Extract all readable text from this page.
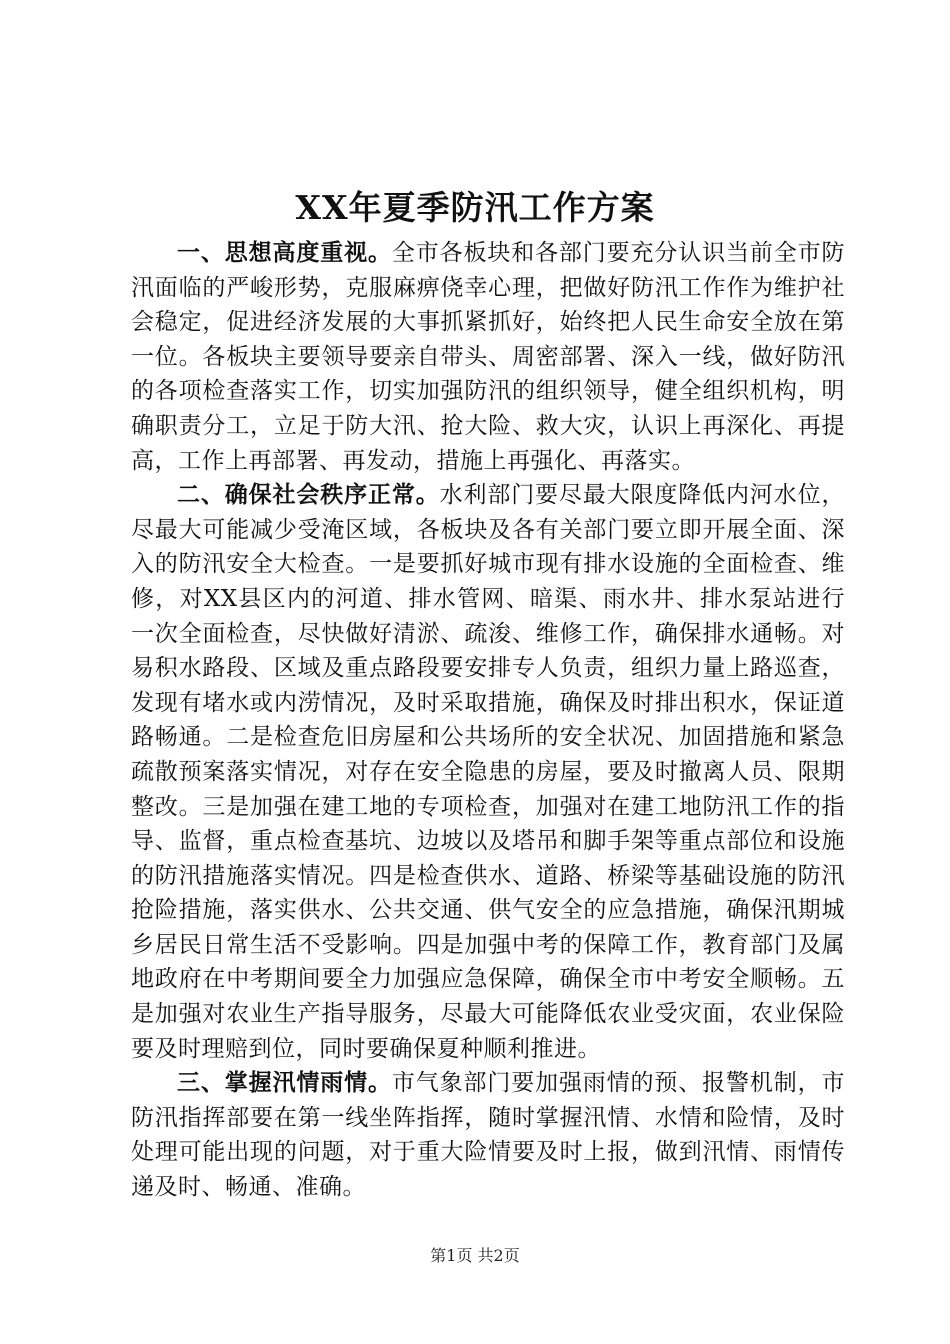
XX年夏季防汛工作方案

一、思想高度重视。全市各板块和各部门要充分认识当前全市防汛面临的严峻形势，克服麻痹侥幸心理，把做好防汛工作作为维护社会稳定，促进经济发展的大事抓紧抓好，始终把人民生命安全放在第一位。各板块主要领导要亲自带头、周密部署、深入一线，做好防汛的各项检查落实工作，切实加强防汛的组织领导，健全组织机构，明确职责分工，立足于防大汛、抢大险、救大灾，认识上再深化、再提高，工作上再部署、再发动，措施上再强化、再落实。

二、确保社会秩序正常。水利部门要尽最大限度降低内河水位，尽最大可能减少受淹区域，各板块及各有关部门要立即开展全面、深入的防汛安全大检查。一是要抓好城市现有排水设施的全面检查、维修，对XX县区内的河道、排水管网、暗渠、雨水井、排水泵站进行一次全面检查，尽快做好清淤、疏浚、维修工作，确保排水通畅。对易积水路段、区域及重点路段要安排专人负责，组织力量上路巡查，发现有堵水或内涝情况，及时采取措施，确保及时排出积水，保证道路畅通。二是检查危旧房屋和公共场所的安全状况、加固措施和紧急疏散预案落实情况，对存在安全隐患的房屋，要及时撤离人员、限期整改。三是加强在建工地的专项检查，加强对在建工地防汛工作的指导、监督，重点检查基坑、边坡以及塔吊和脚手架等重点部位和设施的防汛措施落实情况。四是检查供水、道路、桥梁等基础设施的防汛抢险措施，落实供水、公共交通、供气安全的应急措施，确保汛期城乡居民日常生活不受影响。四是加强中考的保障工作，教育部门及属地政府在中考期间要全力加强应急保障，确保全市中考安全顺畅。五是加强对农业生产指导服务，尽最大可能降低农业受灾面，农业保险要及时理赔到位，同时要确保夏种顺利推进。

三、掌握汛情雨情。市气象部门要加强雨情的预、报警机制，市防汛指挥部要在第一线坐阵指挥，随时掌握汛情、水情和险情，及时处理可能出现的问题，对于重大险情要及时上报，做到汛情、雨情传递及时、畅通、准确。

第1页 共2页
